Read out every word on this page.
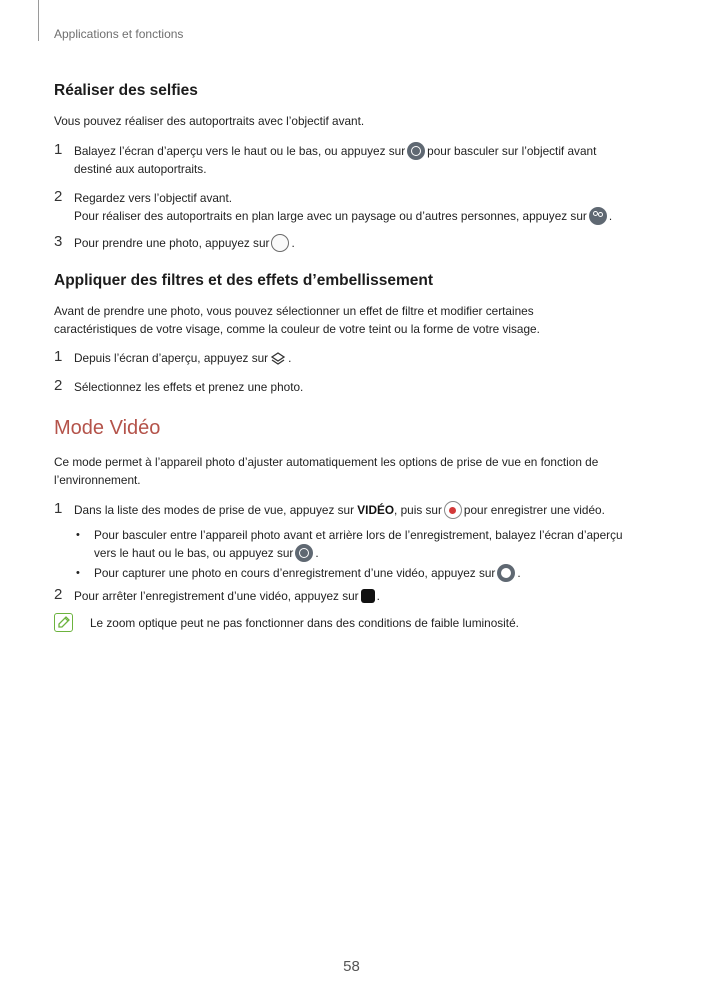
Applications et fonctions
Réaliser des selfies
Vous pouvez réaliser des autoportraits avec l’objectif avant.
1 Balayez l’écran d’aperçu vers le haut ou le bas, ou appuyez sur pour basculer sur l’objectif avant
destiné aux autoportraits.
2 Regardez vers l’objectif avant.
Pour réaliser des autoportraits en plan large avec un paysage ou d’autres personnes, appuyez sur .
3 Pour prendre une photo, appuyez sur .
Appliquer des filtres et des effets d’embellissement
Avant de prendre une photo, vous pouvez sélectionner un effet de filtre et modifier certaines
caractéristiques de votre visage, comme la couleur de votre teint ou la forme de votre visage.
1 Depuis l’écran d’aperçu, appuyez sur .
2 Sélectionnez les effets et prenez une photo.
Mode Vidéo
Ce mode permet à l’appareil photo d’ajuster automatiquement les options de prise de vue en fonction de
l’environnement.
1 Dans la liste des modes de prise de vue, appuyez sur VIDÉO, puis sur pour enregistrer une vidéo.
• Pour basculer entre l’appareil photo avant et arrière lors de l’enregistrement, balayez l’écran d’aperçu
vers le haut ou le bas, ou appuyez sur .
• Pour capturer une photo en cours d’enregistrement d’une vidéo, appuyez sur .
2 Pour arrêter l’enregistrement d’une vidéo, appuyez sur .
Le zoom optique peut ne pas fonctionner dans des conditions de faible luminosité.
58
